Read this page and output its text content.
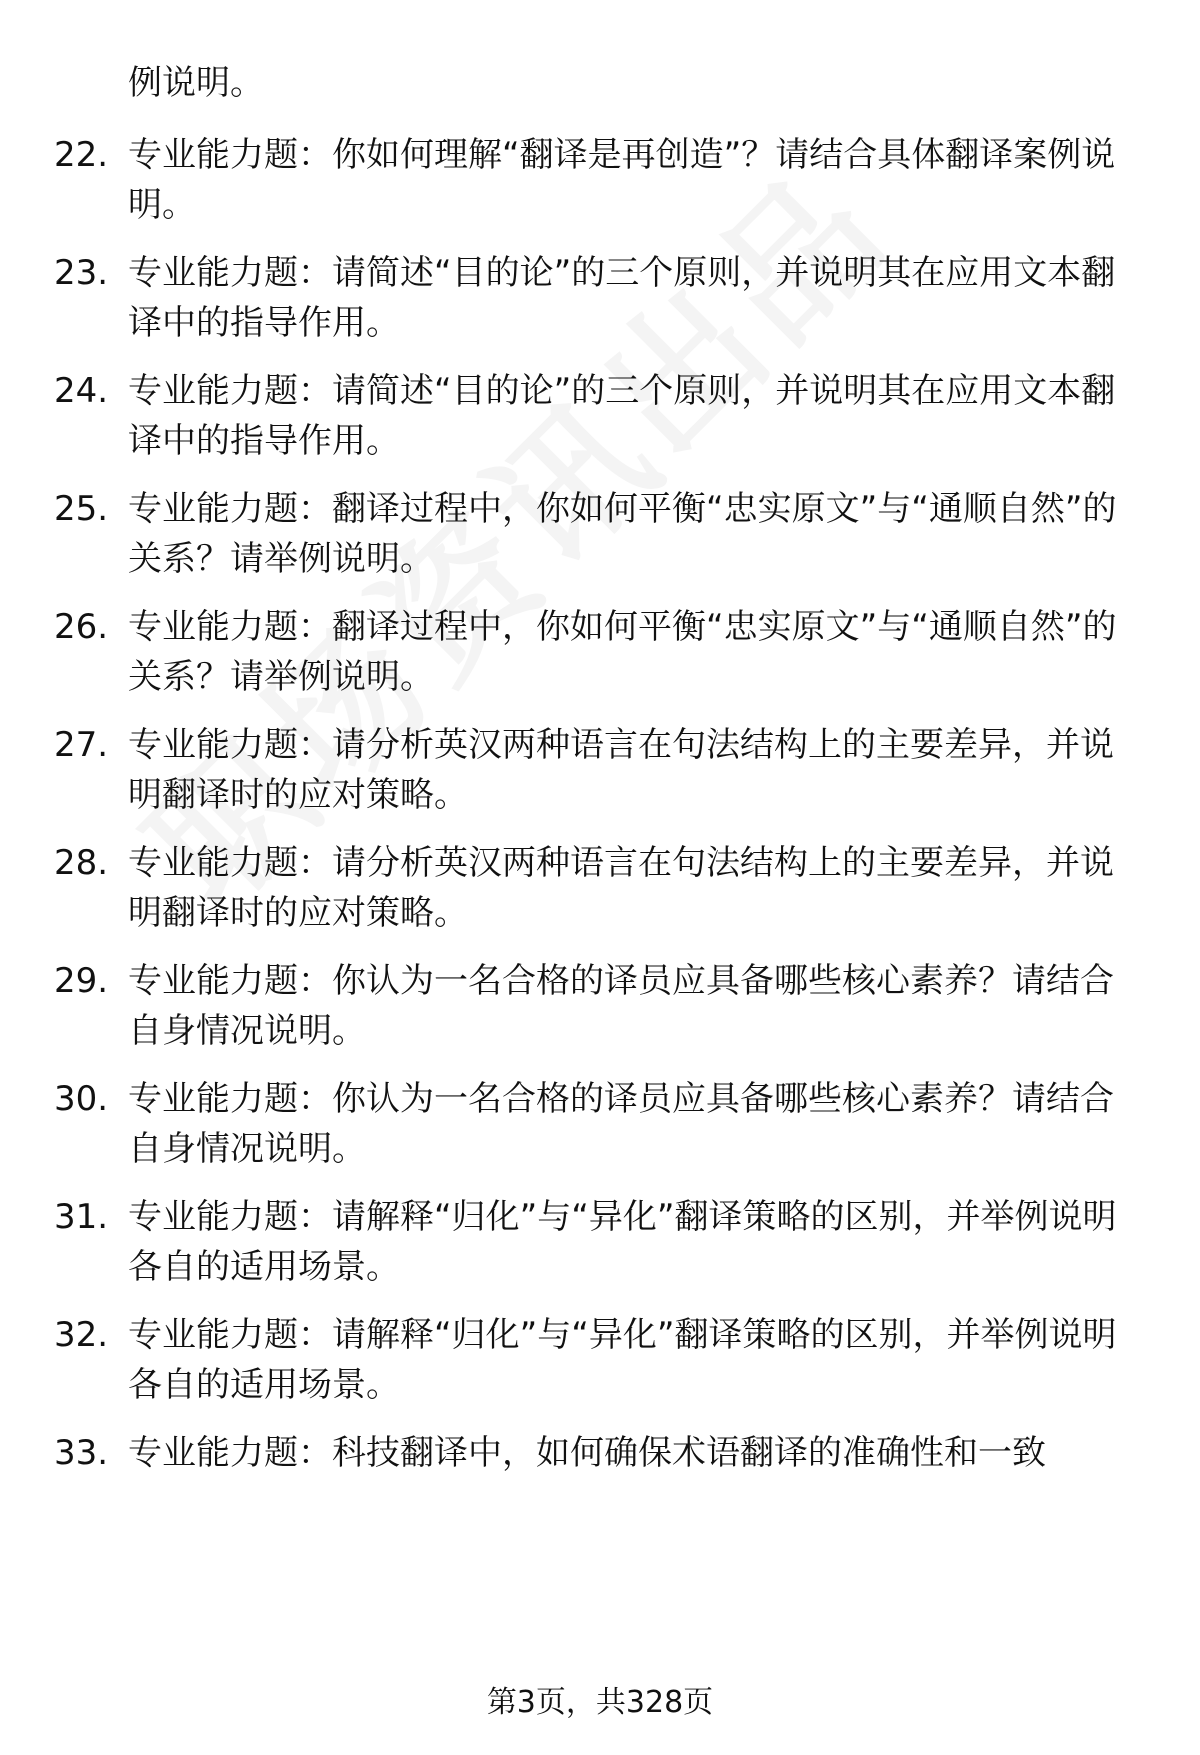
例说明。
22. 专业能力题：你如何理解“翻译是再创造”？请结合具体翻译案例说明。
23. 专业能力题：请简述“目的论”的三个原则，并说明其在应用文本翻译中的指导作用。
24. 专业能力题：请简述“目的论”的三个原则，并说明其在应用文本翻译中的指导作用。
25. 专业能力题：翻译过程中，你如何平衡“忠实原文”与“通顺自然”的关系？请举例说明。
26. 专业能力题：翻译过程中，你如何平衡“忠实原文”与“通顺自然”的关系？请举例说明。
27. 专业能力题：请分析英汉两种语言在句法结构上的主要差异，并说明翻译时的应对策略。
28. 专业能力题：请分析英汉两种语言在句法结构上的主要差异，并说明翻译时的应对策略。
29. 专业能力题：你认为一名合格的译员应具备哪些核心素养？请结合自身情况说明。
30. 专业能力题：你认为一名合格的译员应具备哪些核心素养？请结合自身情况说明。
31. 专业能力题：请解释“归化”与“异化”翻译策略的区别，并举例说明各自的适用场景。
32. 专业能力题：请解释“归化”与“异化”翻译策略的区别，并举例说明各自的适用场景。
33. 专业能力题：科技翻译中，如何确保术语翻译的准确性和一致
第3页，共328页
